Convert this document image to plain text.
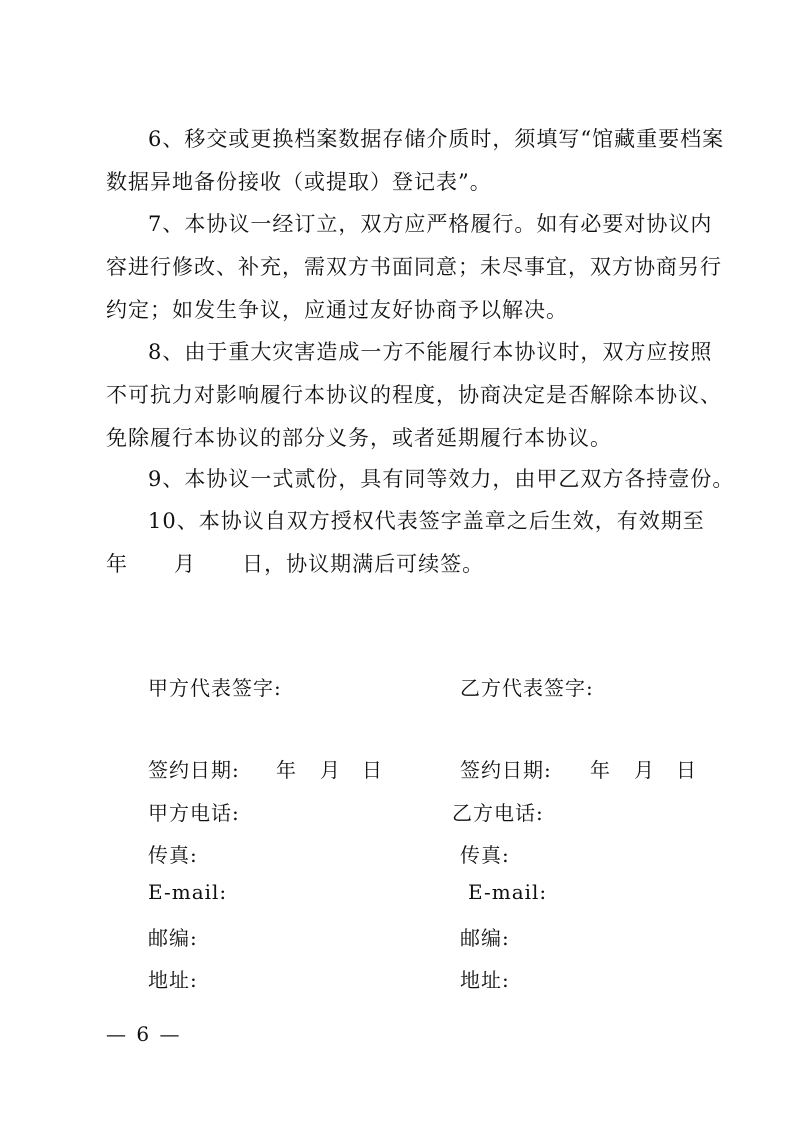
6、移交或更换档案数据存储介质时，须填写“馆藏重要档案
数据异地备份接收（或提取）登记表”。

7、本协议一经订立，双方应严格履行。如有必要对协议内
容进行修改、补充，需双方书面同意；未尽事宜，双方协商另行
约定；如发生争议，应通过友好协商予以解决。

8、由于重大灾害造成一方不能履行本协议时，双方应按照
不可抗力对影响履行本协议的程度，协商决定是否解除本协议、
免除履行本协议的部分义务，或者延期履行本协议。

9、本协议一式贰份，具有同等效力，由甲乙双方各持壹份。

10、本协议自双方授权代表签字盖章之后生效，有效期至
年      月      日，协议期满后可续签。

甲方代表签字:	乙方代表签字:
签约日期: 年 月 日	签约日期: 年 月 日
甲方电话:	乙方电话:
传真:	传真:
E-mail:	E-mail:
邮编:	邮编:
地址:	地址:
— 6 —
